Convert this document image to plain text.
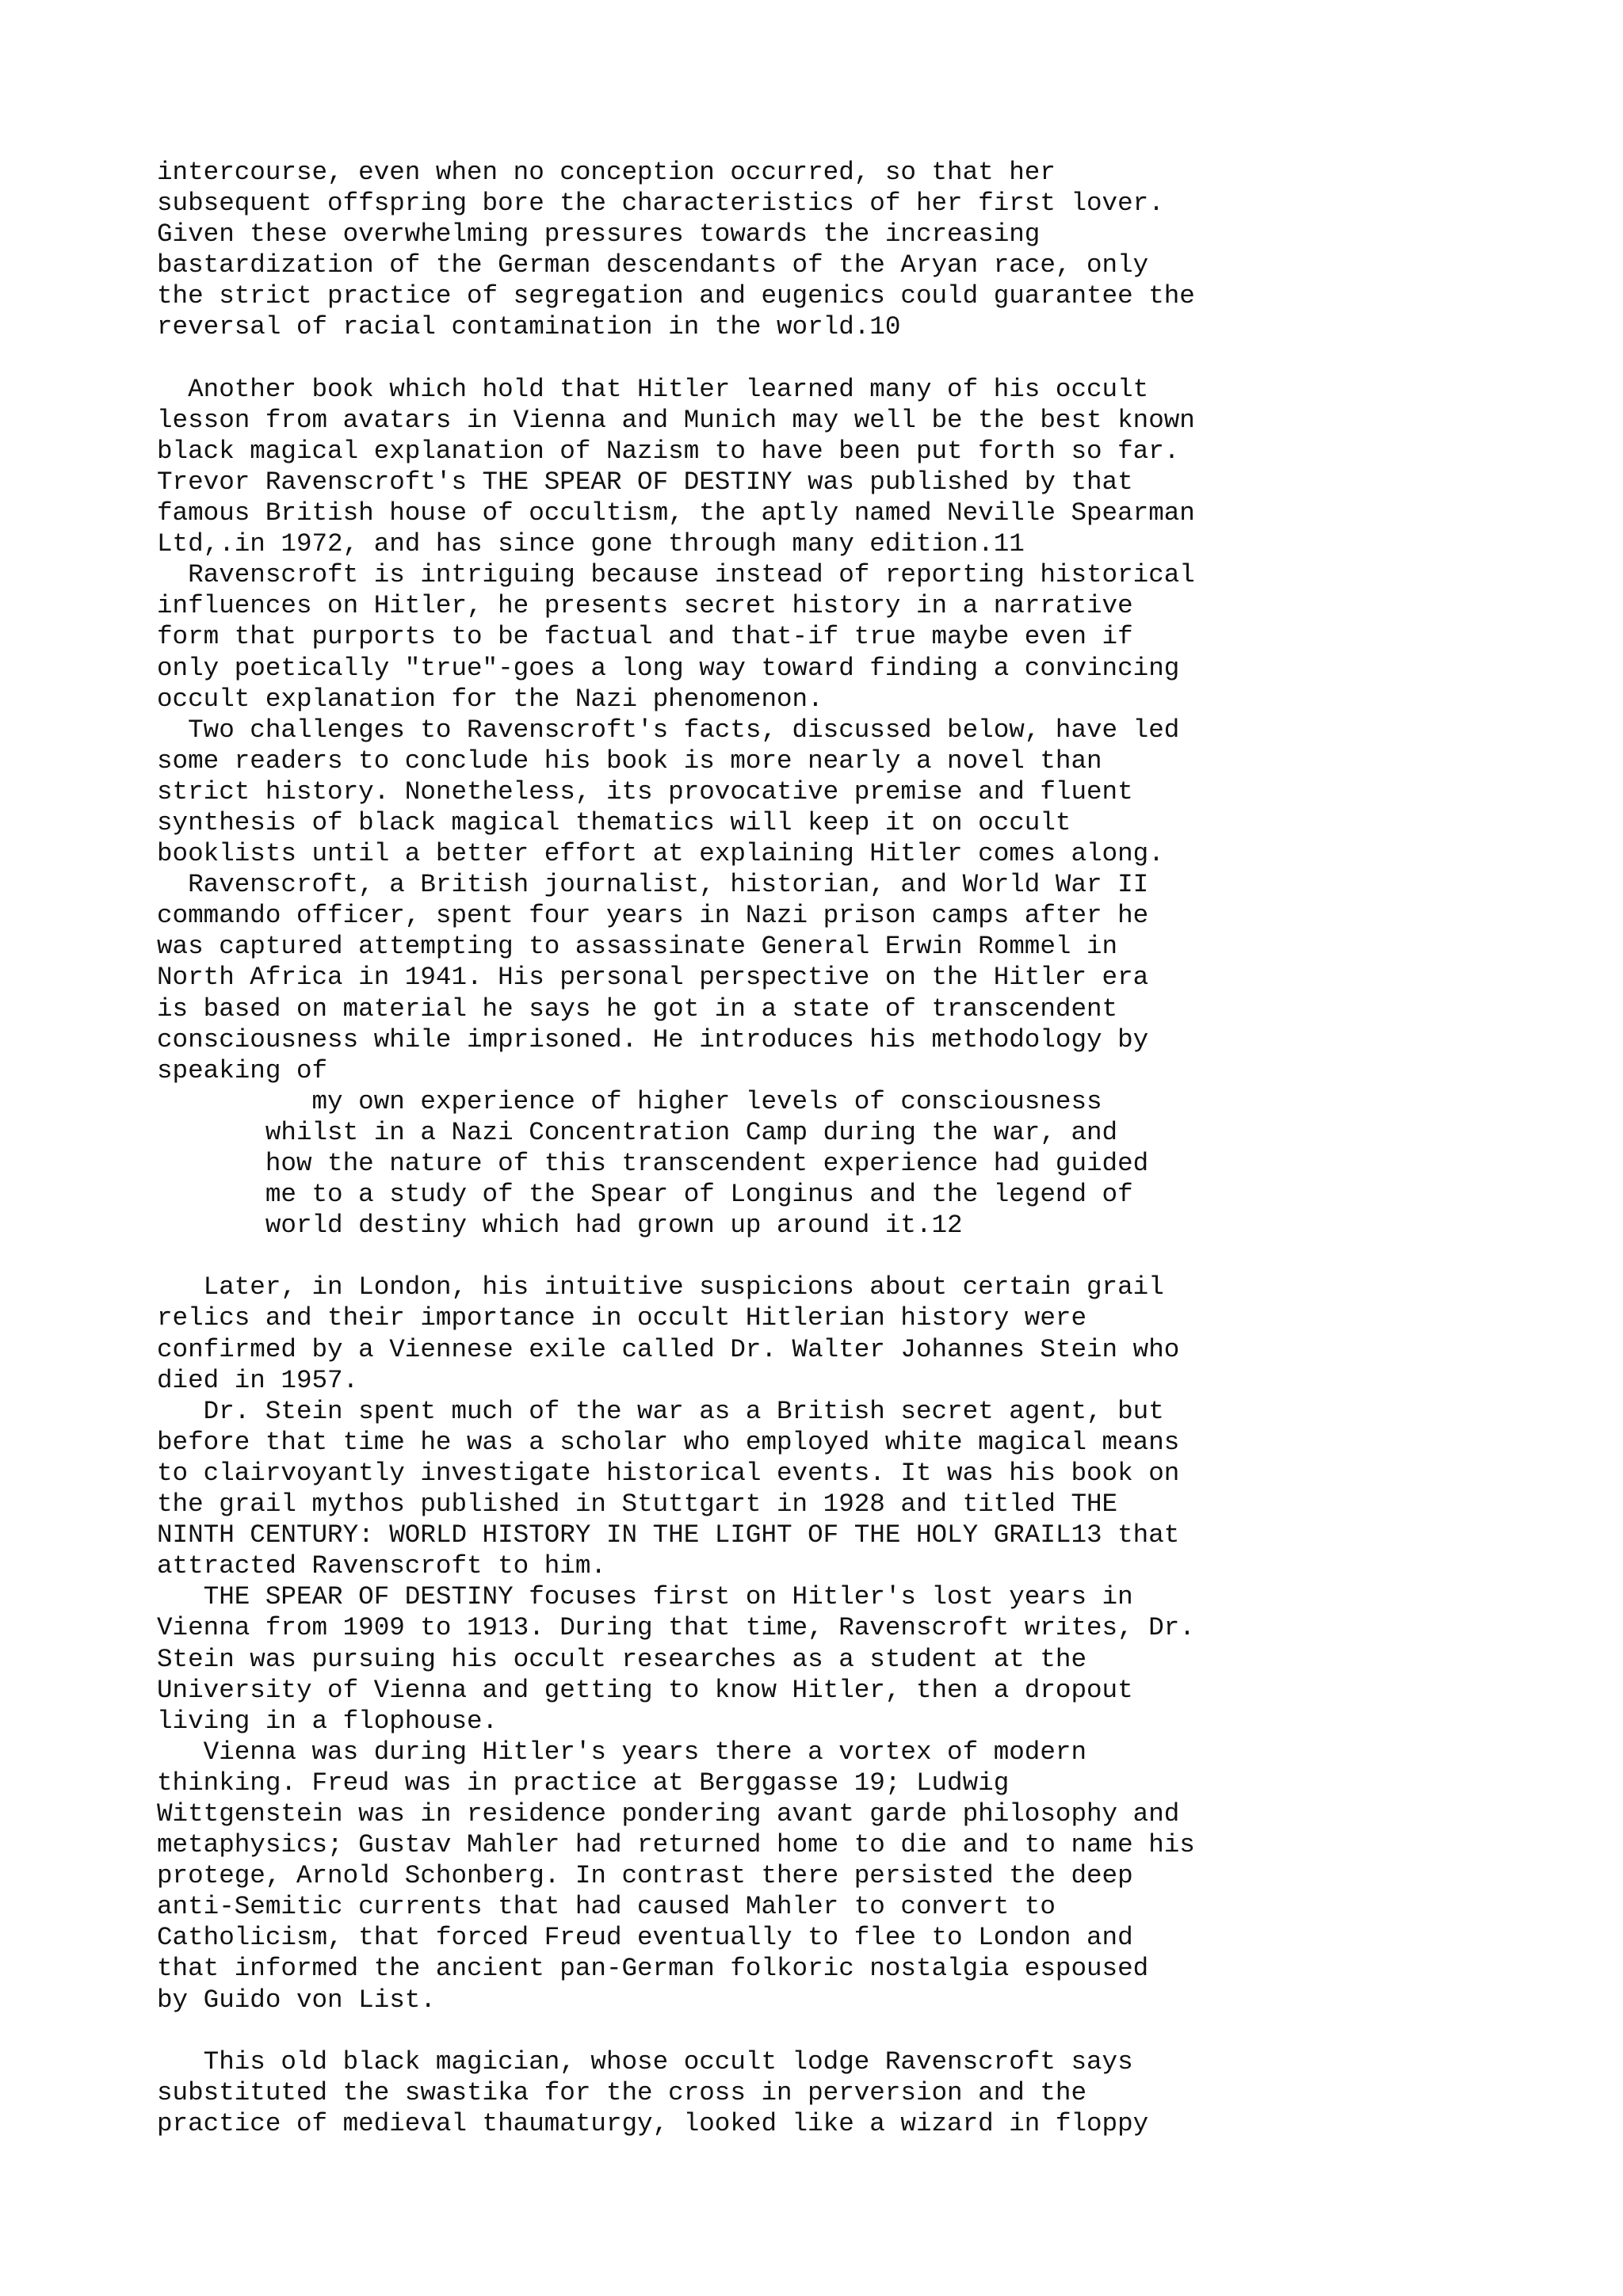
intercourse, even when no conception occurred, so that her
subsequent offspring bore the characteristics of her first lover.
Given these overwhelming pressures towards the increasing
bastardization of the German descendants of the Aryan race, only
the strict practice of segregation and eugenics could guarantee the
reversal of racial contamination in the world.10
Another book which hold that Hitler learned many of his occult
lesson from avatars in Vienna and Munich may well be the best known
black magical explanation of Nazism to have been put forth so far.
Trevor Ravenscroft's THE SPEAR OF DESTINY was published by that
famous British house of occultism, the aptly named Neville Spearman
Ltd,.in 1972, and has since gone through many edition.11
Ravenscroft is intriguing because instead of reporting historical
influences on Hitler, he presents secret history in a narrative
form that purports to be factual and that-if true maybe even if
only poetically "true"-goes a long way toward finding a convincing
occult explanation for the Nazi phenomenon.
Two challenges to Ravenscroft's facts, discussed below, have led
some readers to conclude his book is more nearly a novel than
strict history. Nonetheless, its provocative premise and fluent
synthesis of black magical thematics will keep it on occult
booklists until a better effort at explaining Hitler comes along.
Ravenscroft, a British journalist, historian, and World War II
commando officer, spent four years in Nazi prison camps after he
was captured attempting to assassinate General Erwin Rommel in
North Africa in 1941. His personal perspective on the Hitler era
is based on material he says he got in a state of transcendent
consciousness while imprisoned. He introduces his methodology by
speaking of
my own experience of higher levels of consciousness
whilst in a Nazi Concentration Camp during the war, and
how the nature of this transcendent experience had guided
me to a study of the Spear of Longinus and the legend of
world destiny which had grown up around it.12
Later, in London, his intuitive suspicions about certain grail
relics and their importance in occult Hitlerian history were
confirmed by a Viennese exile called Dr. Walter Johannes Stein who
died in 1957.
Dr. Stein spent much of the war as a British secret agent, but
before that time he was a scholar who employed white magical means
to clairvoyantly investigate historical events. It was his book on
the grail mythos published in Stuttgart in 1928 and titled THE
NINTH CENTURY: WORLD HISTORY IN THE LIGHT OF THE HOLY GRAIL13 that
attracted Ravenscroft to him.
THE SPEAR OF DESTINY focuses first on Hitler's lost years in
Vienna from 1909 to 1913. During that time, Ravenscroft writes, Dr.
Stein was pursuing his occult researches as a student at the
University of Vienna and getting to know Hitler, then a dropout
living in a flophouse.
Vienna was during Hitler's years there a vortex of modern
thinking. Freud was in practice at Berggasse 19; Ludwig
Wittgenstein was in residence pondering avant garde philosophy and
metaphysics; Gustav Mahler had returned home to die and to name his
protege, Arnold Schonberg. In contrast there persisted the deep
anti-Semitic currents that had caused Mahler to convert to
Catholicism, that forced Freud eventually to flee to London and
that informed the ancient pan-German folkoric nostalgia espoused
by Guido von List.
This old black magician, whose occult lodge Ravenscroft says
substituted the swastika for the cross in perversion and the
practice of medieval thaumaturgy, looked like a wizard in floppy
